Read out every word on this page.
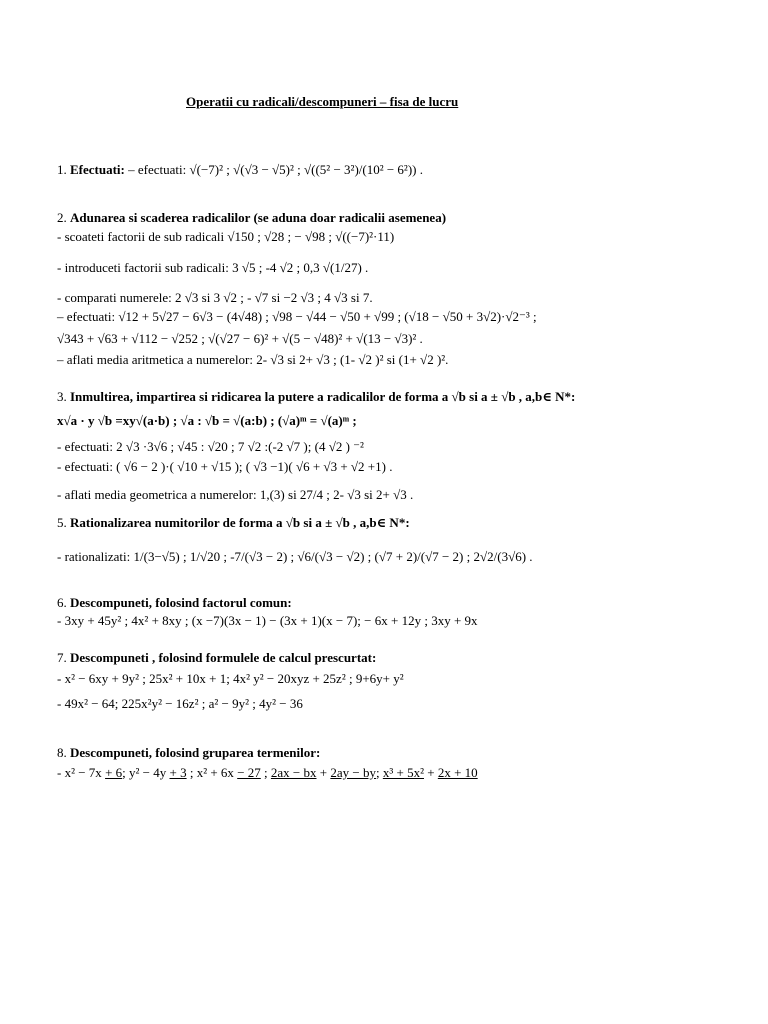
Operatii cu radicali/descompuneri – fisa de lucru
1. Efectuati: – efectuati: √(−7)² ; √(√3 − √5)² ; √((5² − 3²)/(10² − 6²)) .
2. Adunarea si scaderea radicalilor (se aduna doar radicalii asemenea)
- scoateti factorii de sub radicali √150 ; √28 ; − √98 ; √((−7)²·11)
- introduceti factorii sub radicali: 3 √5 ; -4 √2 ; 0,3 √(1/27) .
- comparati numerele: 2 √3 si 3 √2 ; - √7 si −2 √3 ; 4 √3 si 7.
– efectuati: √12 + 5√27 − 6√3 − (4√48) ; √98 − √44 − √50 + √99 ; (√18 − √50 + 3√2)·√2⁻³ ;
√343 + √63 + √112 − √252 ; √(√27 − 6)² + √(5 − √48)² + √(13 − √3)² .
– aflati media aritmetica a numerelor: 2- √3 si 2+ √3 ; (1- √2 )² si (1+ √2 )².
3. Inmultirea, impartirea si ridicarea la putere a radicalilor de forma a √b si a ± √b , a,b∈ N*:
x√a · y √b =xy√(a·b) ; √a : √b = √(a:b) ; (√a)ᵐ = √(a)ᵐ ;
- efectuati: 2 √3 ·3√6 ; √45 : √20 ; 7 √2 :(-2 √7 ); (4 √2 ) ⁻²
- efectuati: ( √6 − 2 )·( √10 + √15 ); ( √3 −1)( √6 + √3 + √2 +1) .
- aflati media geometrica a numerelor: 1,(3) si 27/4 ; 2- √3 si 2+ √3 .
5. Rationalizarea numitorilor de forma a √b si a ± √b , a,b∈ N*:
- rationalizati: 1/(3−√5) ; 1/√20 ; -7/(√3 − 2) ; √6/(√3 − √2) ; (√7 + 2)/(√7 − 2) ; 2√2/(3√6) .
6. Descompuneti, folosind factorul comun:
- 3xy + 45y² ; 4x² + 8xy ; (x −7)(3x − 1) − (3x + 1)(x − 7); − 6x + 12y ; 3xy + 9x
7. Descompuneti , folosind formulele de calcul prescurtat:
- x² − 6xy + 9y² ; 25x² + 10x + 1; 4x² y² − 20xyz + 25z² ; 9+6y+ y²
- 49x² − 64; 225x²y² − 16z² ; a² − 9y² ; 4y² − 36
8. Descompuneti, folosind gruparea termenilor:
- x² − 7x + 6; y² − 4y + 3 ; x² + 6x − 27 ; 2ax − bx + 2ay − by; x³ + 5x² + 2x + 10
